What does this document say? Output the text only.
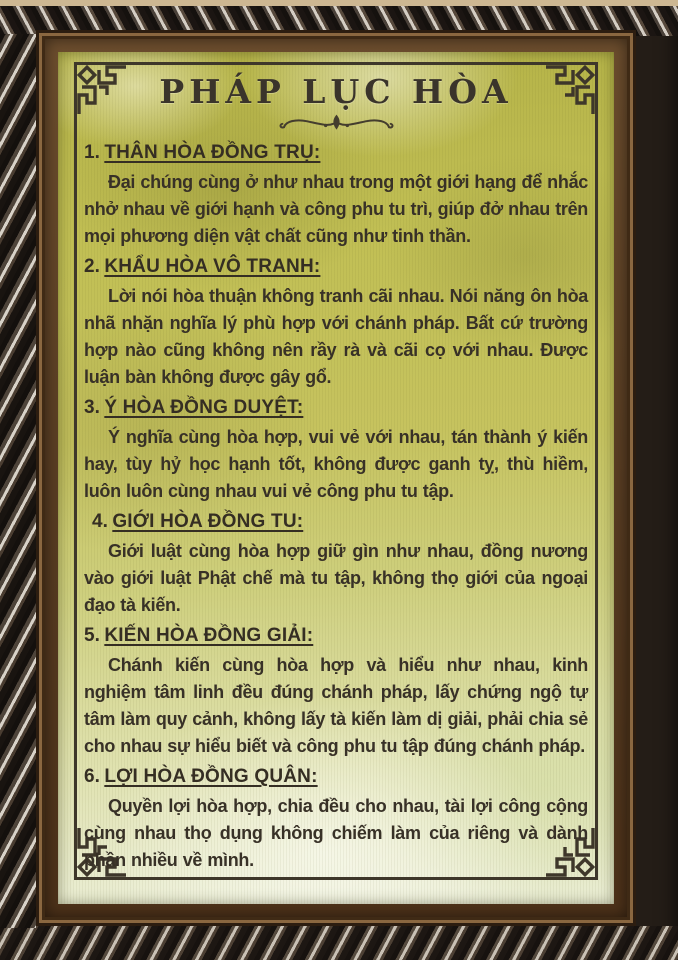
PHÁP LỤC HÒA
1. THÂN HÒA ĐỒNG TRỤ:

Đại chúng cùng ở như nhau trong một giới hạng để nhắc nhở nhau về giới hạnh và công phu tu trì, giúp đở nhau trên mọi phương diện vật chất cũng như tinh thần.

2. KHẨU HÒA VÔ TRANH:

Lời nói hòa thuận không tranh cãi nhau. Nói năng ôn hòa nhã nhặn nghĩa lý phù hợp với chánh pháp. Bất cứ trường hợp nào cũng không nên rầy rà và cãi cọ với nhau. Được luận bàn không được gây gổ.

3. Ý HÒA ĐỒNG DUYỆT:

Ý nghĩa cùng hòa hợp, vui vẻ với nhau, tán thành ý kiến hay, tùy hỷ học hạnh tốt, không được ganh tỵ, thù hiềm, luôn luôn cùng nhau vui vẻ công phu tu tập.

4. GIỚI HÒA ĐỒNG TU:

Giới luật cùng hòa hợp giữ gìn như nhau, đồng nương vào giới luật Phật chế mà tu tập, không thọ giới của ngoại đạo tà kiến.

5. KIẾN HÒA ĐỒNG GIẢI:

Chánh kiến cùng hòa hợp và hiểu như nhau, kinh nghiệm tâm linh đều đúng chánh pháp, lấy chứng ngộ tự tâm làm quy cảnh, không lấy tà kiến làm dị giải, phải chia sẻ cho nhau sự hiểu biết và công phu tu tập đúng chánh pháp.

6. LỢI HÒA ĐỒNG QUÂN:

Quyền lợi hòa hợp, chia đều cho nhau, tài lợi công cộng cùng nhau thọ dụng không chiếm làm của riêng và dành phần nhiều về mình.
